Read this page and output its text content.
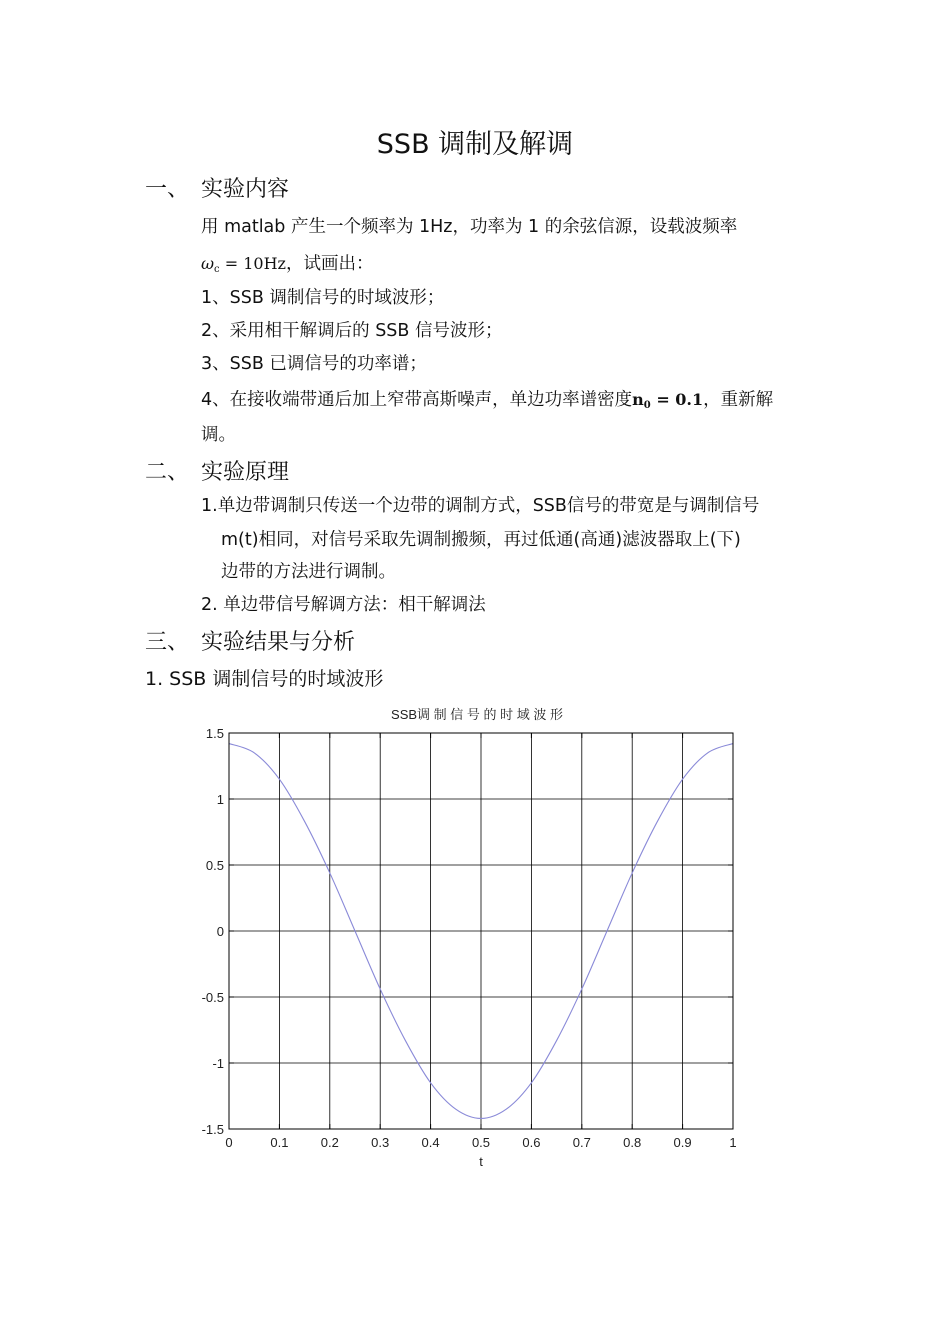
SSB 调制及解调
一、 实验内容
用 matlab 产生一个频率为 1Hz，功率为 1 的余弦信源，设载波频率
$\omega_c = 10Hz$，试画出：
1、SSB 调制信号的时域波形；
2、采用相干解调后的 SSB 信号波形；
3、SSB 已调信号的功率谱；
4、在接收端带通后加上窄带高斯噪声，单边功率谱密度$n_0 = 0.1$，重新解
调。
二、 实验原理
1.单边带调制只传送一个边带的调制方式，SSB信号的带宽是与调制信号
m(t)相同，对信号采取先调制搬频，再过低通(高通)滤波器取上(下)
边带的方法进行调制。
2. 单边带信号解调方法：相干解调法
三、 实验结果与分析
1. SSB 调制信号的时域波形
SSB调 制 信 号 的 时 域 波 形
0	0.1 0.2 0.3 0.4 0.5 0.6 0.7 0.8 0.9	1
1.5
1
0.5
0
-0.5
-1
-1.5
t
